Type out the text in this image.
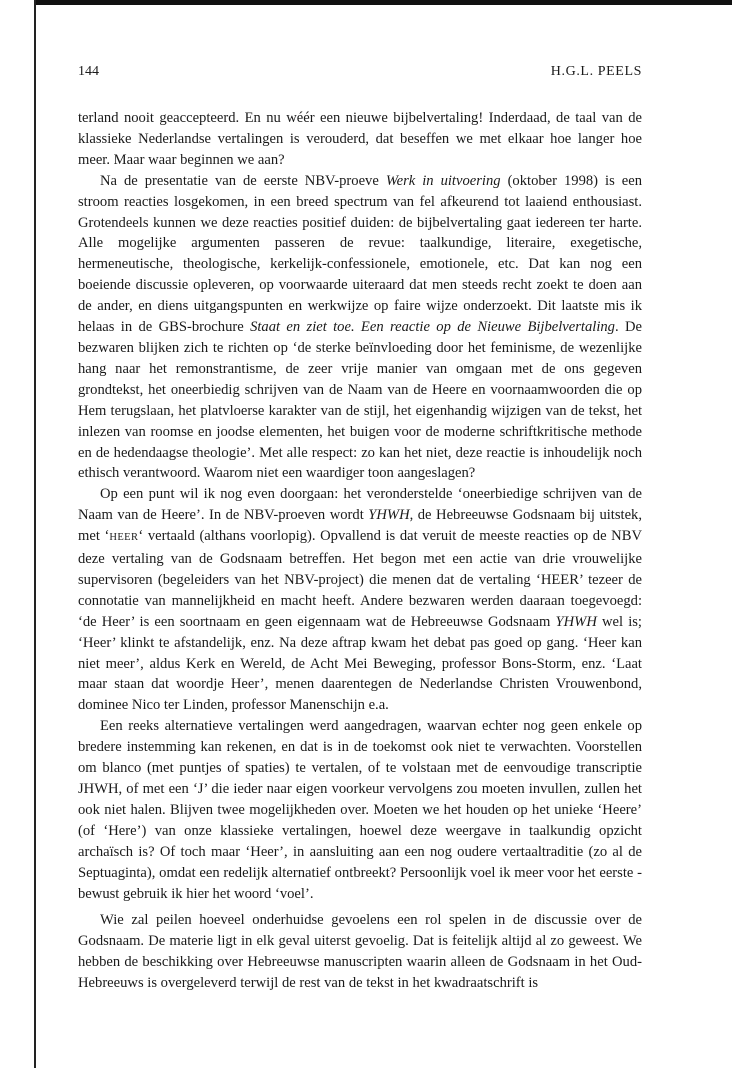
144	H.G.L. PEELS

terland nooit geaccepteerd. En nu wéér een nieuwe bijbelvertaling! Inderdaad, de taal van de klassieke Nederlandse vertalingen is verouderd, dat beseffen we met elkaar hoe langer hoe meer. Maar waar beginnen we aan?

Na de presentatie van de eerste NBV-proeve Werk in uitvoering (oktober 1998) is een stroom reacties losgekomen, in een breed spectrum van fel afkeurend tot laaiend enthousiast. Grotendeels kunnen we deze reacties positief duiden: de bijbelvertaling gaat iedereen ter harte. Alle mogelijke argumenten passeren de revue: taalkundige, literaire, exegetische, hermeneutische, theologische, kerkelijk-confessionele, emotionele, etc. Dat kan nog een boeiende discussie opleveren, op voorwaarde uiteraard dat men steeds recht zoekt te doen aan de ander, en diens uitgangspunten en werkwijze op faire wijze onderzoekt. Dit laatste mis ik helaas in de GBS-brochure Staat en ziet toe. Een reactie op de Nieuwe Bijbelvertaling. De bezwaren blijken zich te richten op ‘de sterke beïnvloeding door het feminisme, de wezenlijke hang naar het remonstrantisme, de zeer vrije manier van omgaan met de ons gegeven grondtekst, het oneerbiedig schrijven van de Naam van de Heere en voornaamwoorden die op Hem terugslaan, het platvloerse karakter van de stijl, het eigenhandig wijzigen van de tekst, het inlezen van roomse en joodse elementen, het buigen voor de moderne schriftkritische methode en de hedendaagse theologie’. Met alle respect: zo kan het niet, deze reactie is inhoudelijk noch ethisch verantwoord. Waarom niet een waardiger toon aangeslagen?

Op een punt wil ik nog even doorgaan: het veronderstelde ‘oneerbiedige schrijven van de Naam van de Heere’. In de NBV-proeven wordt YHWH, de Hebreeuwse Godsnaam bij uitstek, met ‘HEER‘ vertaald (althans voorlopig). Opvallend is dat veruit de meeste reacties op de NBV deze vertaling van de Godsnaam betreffen. Het begon met een actie van drie vrouwelijke supervisoren (begeleiders van het NBV-project) die menen dat de vertaling ‘HEER’ tezeer de connotatie van mannelijkheid en macht heeft. Andere bezwaren werden daaraan toegevoegd: ‘de Heer’ is een soortnaam en geen eigennaam wat de Hebreeuwse Godsnaam YHWH wel is; ‘Heer’ klinkt te afstandelijk, enz. Na deze aftrap kwam het debat pas goed op gang. ‘Heer kan niet meer’, aldus Kerk en Wereld, de Acht Mei Beweging, professor Bons-Storm, enz. ‘Laat maar staan dat woordje Heer’, menen daarentegen de Nederlandse Christen Vrouwenbond, dominee Nico ter Linden, professor Manenschijn e.a.

Een reeks alternatieve vertalingen werd aangedragen, waarvan echter nog geen enkele op bredere instemming kan rekenen, en dat is in de toekomst ook niet te verwachten. Voorstellen om blanco (met puntjes of spaties) te vertalen, of te volstaan met de eenvoudige transcriptie JHWH, of met een ‘J’ die ieder naar eigen voorkeur vervolgens zou moeten invullen, zullen het ook niet halen. Blijven twee mogelijkheden over. Moeten we het houden op het unieke ‘Heere’ (of ‘Here’) van onze klassieke vertalingen, hoewel deze weergave in taalkundig opzicht archaïsch is? Of toch maar ‘Heer’, in aansluiting aan een nog oudere vertaaltraditie (zo al de Septuaginta), omdat een redelijk alternatief ontbreekt? Persoonlijk voel ik meer voor het eerste - bewust gebruik ik hier het woord ‘voel’.

Wie zal peilen hoeveel onderhuidse gevoelens een rol spelen in de discussie over de Godsnaam. De materie ligt in elk geval uiterst gevoelig. Dat is feitelijk altijd al zo geweest. We hebben de beschikking over Hebreeuwse manuscripten waarin alleen de Godsnaam in het Oud-Hebreeuws is overgeleverd terwijl de rest van de tekst in het kwadraatschrift is
